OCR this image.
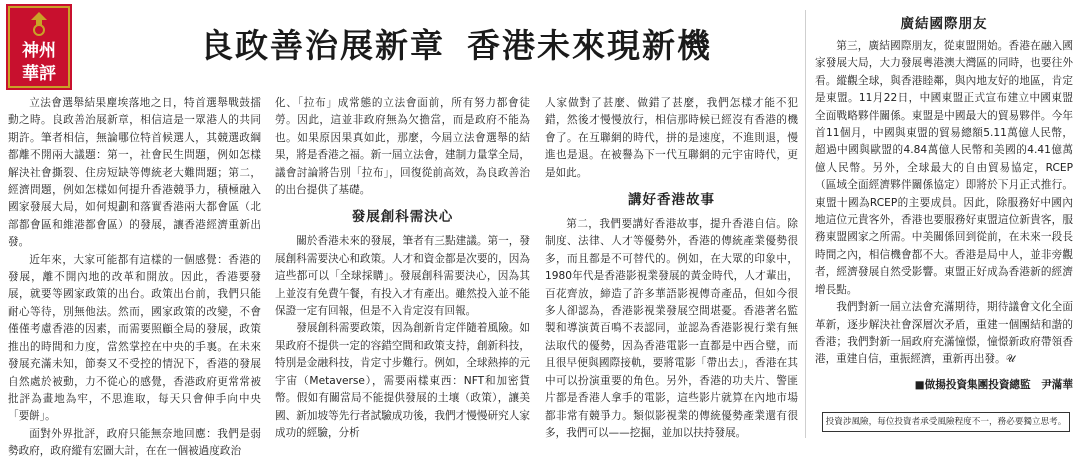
神州
華評
良政善治展新章 香港未來現新機

立法會選舉結果塵埃落地之日，特首選舉戰鼓擂動之時。良政善治展新章，相信這是一眾港人的共同期許。筆者相信，無論哪位特首候選人，其競選政綱都離不開兩大議題：第一，社會民生問題，例如怎樣解決社會撕裂、住房短缺等傳統老大難問題；第二，經濟問題，例如怎樣如何提升香港競爭力，積極融入國家發展大局，如何規劃和落實香港兩大都會區（北部都會區和維港都會區）的發展，讓香港經濟重新出發。

近年來，大家可能都有這樣的一個感覺：香港的發展，離不開內地的改革和開放。因此，香港要發展，就要等國家政策的出台。政策出台前，我們只能耐心等待，別無他法。然而，國家政策的改變，不會僅僅考慮香港的因素，而需要照顧全局的發展，政策推出的時間和力度，當然掌控在中央的手裏。在未來發展充滿未知，節奏又不受控的情況下，香港的發展自然處於被動，力不從心的感覺，香港政府更常常被批評為畫地為牢，不思進取，每天只會伸手向中央「要餅」。

面對外界批評，政府只能無奈地回應：我們是弱勢政府，政府縱有宏圖大計，在在一個被過度政治

化、「拉布」成常態的立法會面前，所有努力都會徒勞。因此，這並非政府無為欠擔當，而是政府不能為也。如果原因果真如此，那麼，今屆立法會選舉的結果，將是香港之福。新一屆立法會，建制力量掌全局，議會討論將告別「拉布」，回復從前高效，為良政善治的出台提供了基礎。

發展創科需決心

關於香港未來的發展，筆者有三點建議。第一，發展創科需要決心和政策。人才和資金都是次要的，因為這些都可以「全球採購」。發展創科需要決心，因為其上並沒有免費午餐，有投入才有產出。雖然投入並不能保證一定有回報，但是不入肯定沒有回報。

發展創科需要政策，因為創新肯定伴隨着風險。如果政府不提供一定的容錯空間和政策支持，創新科技，特別是金融科技，肯定寸步難行。例如，全球熱捧的元宇宙（Metaverse），需要兩樣東西：NFT和加密貨幣。假如有關當局不能提供發展的土壤（政策），讓美國、新加坡等先行者試驗成功後，我們才慢慢研究人家成功的經驗，分析

人家做對了甚麼、做錯了甚麼，我們怎樣才能不犯錯，然後才慢慢放行，相信那時候已經沒有香港的機會了。在互聯網的時代，拼的是速度，不進則退，慢進也是退。在被譽為下一代互聯網的元宇宙時代，更是如此。

講好香港故事

第二，我們要講好香港故事，提升香港自信。除制度、法律、人才等優勢外，香港的傳統產業優勢很多，而且都是不可替代的。例如，在大眾的印象中，1980年代是香港影視業發展的黃金時代，人才輩出，百花齊放，締造了許多華語影視傳奇產品，但如今很多人卻認為，香港影視業發展空間堪憂。香港著名監製和導演黃百鳴不表認同，並認為香港影視行業有無法取代的優勢，因為香港電影一直都是中西合璧，而且很早便與國際接軌，要將電影「帶出去」，香港在其中可以扮演重要的角色。另外，香港的功夫片、警匪片都是香港人拿手的電影，這些影片就算在內地市場都非常有競爭力。類似影視業的傳統優勢產業還有很多，我們可以——挖掘，並加以扶持發展。

廣結國際朋友

第三，廣結國際朋友，從東盟開始。香港在融入國家發展大局，大力發展粵港澳大灣區的同時，也要往外看。縱觀全球，與香港睦鄰，與內地友好的地區，肯定是東盟。11月22日，中國東盟正式宣布建立中國東盟全面戰略夥伴關係。東盟是中國最大的貿易夥伴。今年首11個月，中國與東盟的貿易總額5.11萬億人民幣，超過中國與歐盟的4.84萬億人民幣和美國的4.41億萬億人民幣。另外，全球最大的自由貿易協定，RCEP（區域全面經濟夥伴關係協定）即將於下月正式推行。東盟十國為RCEP的主要成員。因此，除服務好中國內地這位元貴客外，香港也要服務好東盟這位新貴客，服務東盟國家之所需。中美關係回到從前，在未來一段長時間之內，相信機會都不大。香港是局中人，並非旁觀者，經濟發展自然受影響。東盟正好成為香港新的經濟增長點。

我們對新一屆立法會充滿期待，期待議會文化全面革新，逐步解決社會深層次矛盾，重建一個團結和諧的香港；我們對新一屆政府充滿憧憬，憧憬新政府帶領香港，重建自信，重振經濟，重新再出發。𝒰

■做揚投資集團投資總監　尹滿華
投資涉風險，每位投資者承受風險程度不一，務必要獨立思考。
